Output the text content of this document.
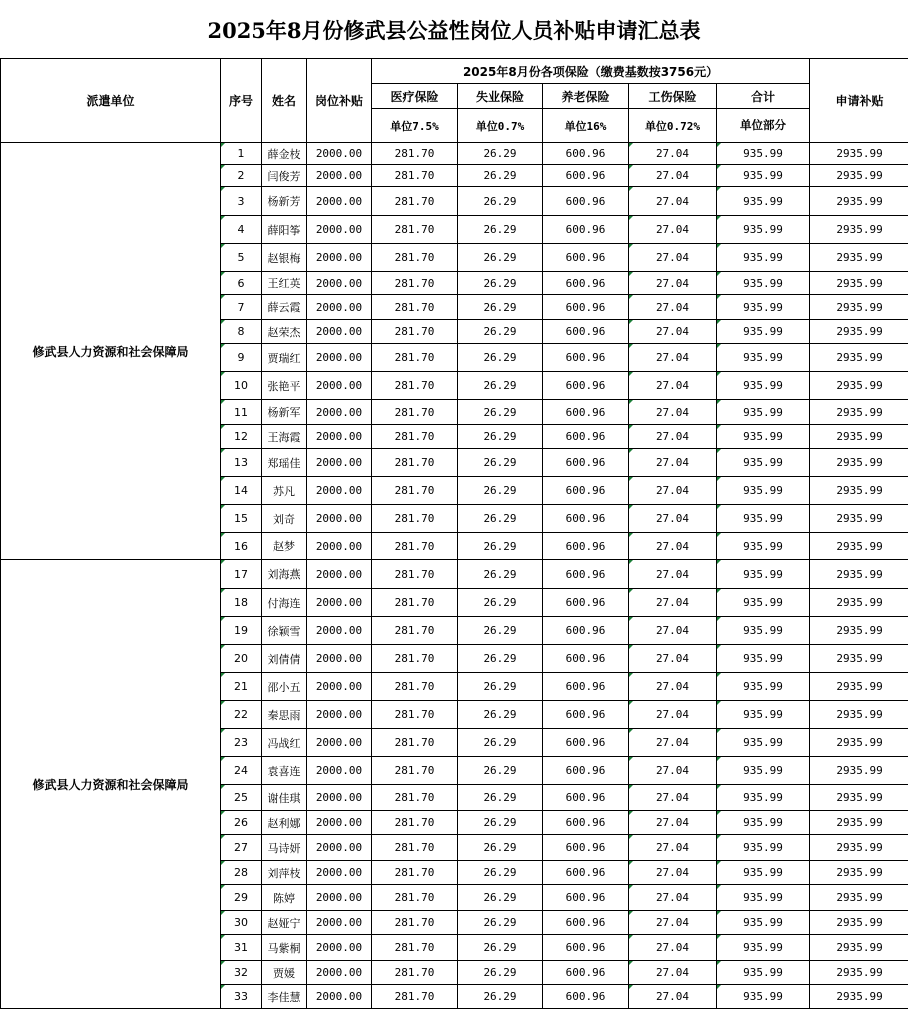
2025年8月份修武县公益性岗位人员补贴申请汇总表
派遣单位	序号	姓名	岗位补贴	2025年8月份各项保险（缴费基数按3756元）					申请补贴
				医疗保险	失业保险	养老保险	工伤保险	合计	
				单位7.5%	单位0.7%	单位16%	单位0.72%	单位部分	
修武县人力资源和社会保障局	1	薛金枝	2000.00	281.70	26.29	600.96	27.04	935.99	2935.99
	2	闫俊芳	2000.00	281.70	26.29	600.96	27.04	935.99	2935.99
	3	杨新芳	2000.00	281.70	26.29	600.96	27.04	935.99	2935.99
	4	薛阳筝	2000.00	281.70	26.29	600.96	27.04	935.99	2935.99
	5	赵银梅	2000.00	281.70	26.29	600.96	27.04	935.99	2935.99
	6	王红英	2000.00	281.70	26.29	600.96	27.04	935.99	2935.99
	7	薛云霞	2000.00	281.70	26.29	600.96	27.04	935.99	2935.99
	8	赵荣杰	2000.00	281.70	26.29	600.96	27.04	935.99	2935.99
	9	贾瑞红	2000.00	281.70	26.29	600.96	27.04	935.99	2935.99
	10	张艳平	2000.00	281.70	26.29	600.96	27.04	935.99	2935.99
	11	杨新军	2000.00	281.70	26.29	600.96	27.04	935.99	2935.99
	12	王海霞	2000.00	281.70	26.29	600.96	27.04	935.99	2935.99
	13	郑瑶佳	2000.00	281.70	26.29	600.96	27.04	935.99	2935.99
	14	苏凡	2000.00	281.70	26.29	600.96	27.04	935.99	2935.99
	15	刘奇	2000.00	281.70	26.29	600.96	27.04	935.99	2935.99
	16	赵梦	2000.00	281.70	26.29	600.96	27.04	935.99	2935.99
修武县人力资源和社会保障局	17	刘海燕	2000.00	281.70	26.29	600.96	27.04	935.99	2935.99
	18	付海连	2000.00	281.70	26.29	600.96	27.04	935.99	2935.99
	19	徐颖雪	2000.00	281.70	26.29	600.96	27.04	935.99	2935.99
	20	刘倩倩	2000.00	281.70	26.29	600.96	27.04	935.99	2935.99
	21	邵小五	2000.00	281.70	26.29	600.96	27.04	935.99	2935.99
	22	秦思雨	2000.00	281.70	26.29	600.96	27.04	935.99	2935.99
	23	冯战红	2000.00	281.70	26.29	600.96	27.04	935.99	2935.99
	24	袁喜连	2000.00	281.70	26.29	600.96	27.04	935.99	2935.99
	25	谢佳琪	2000.00	281.70	26.29	600.96	27.04	935.99	2935.99
	26	赵利娜	2000.00	281.70	26.29	600.96	27.04	935.99	2935.99
	27	马诗妍	2000.00	281.70	26.29	600.96	27.04	935.99	2935.99
	28	刘萍枝	2000.00	281.70	26.29	600.96	27.04	935.99	2935.99
	29	陈婷	2000.00	281.70	26.29	600.96	27.04	935.99	2935.99
	30	赵娅宁	2000.00	281.70	26.29	600.96	27.04	935.99	2935.99
	31	马紫桐	2000.00	281.70	26.29	600.96	27.04	935.99	2935.99
	32	贾媛	2000.00	281.70	26.29	600.96	27.04	935.99	2935.99
	33	李佳慧	2000.00	281.70	26.29	600.96	27.04	935.99	2935.99
